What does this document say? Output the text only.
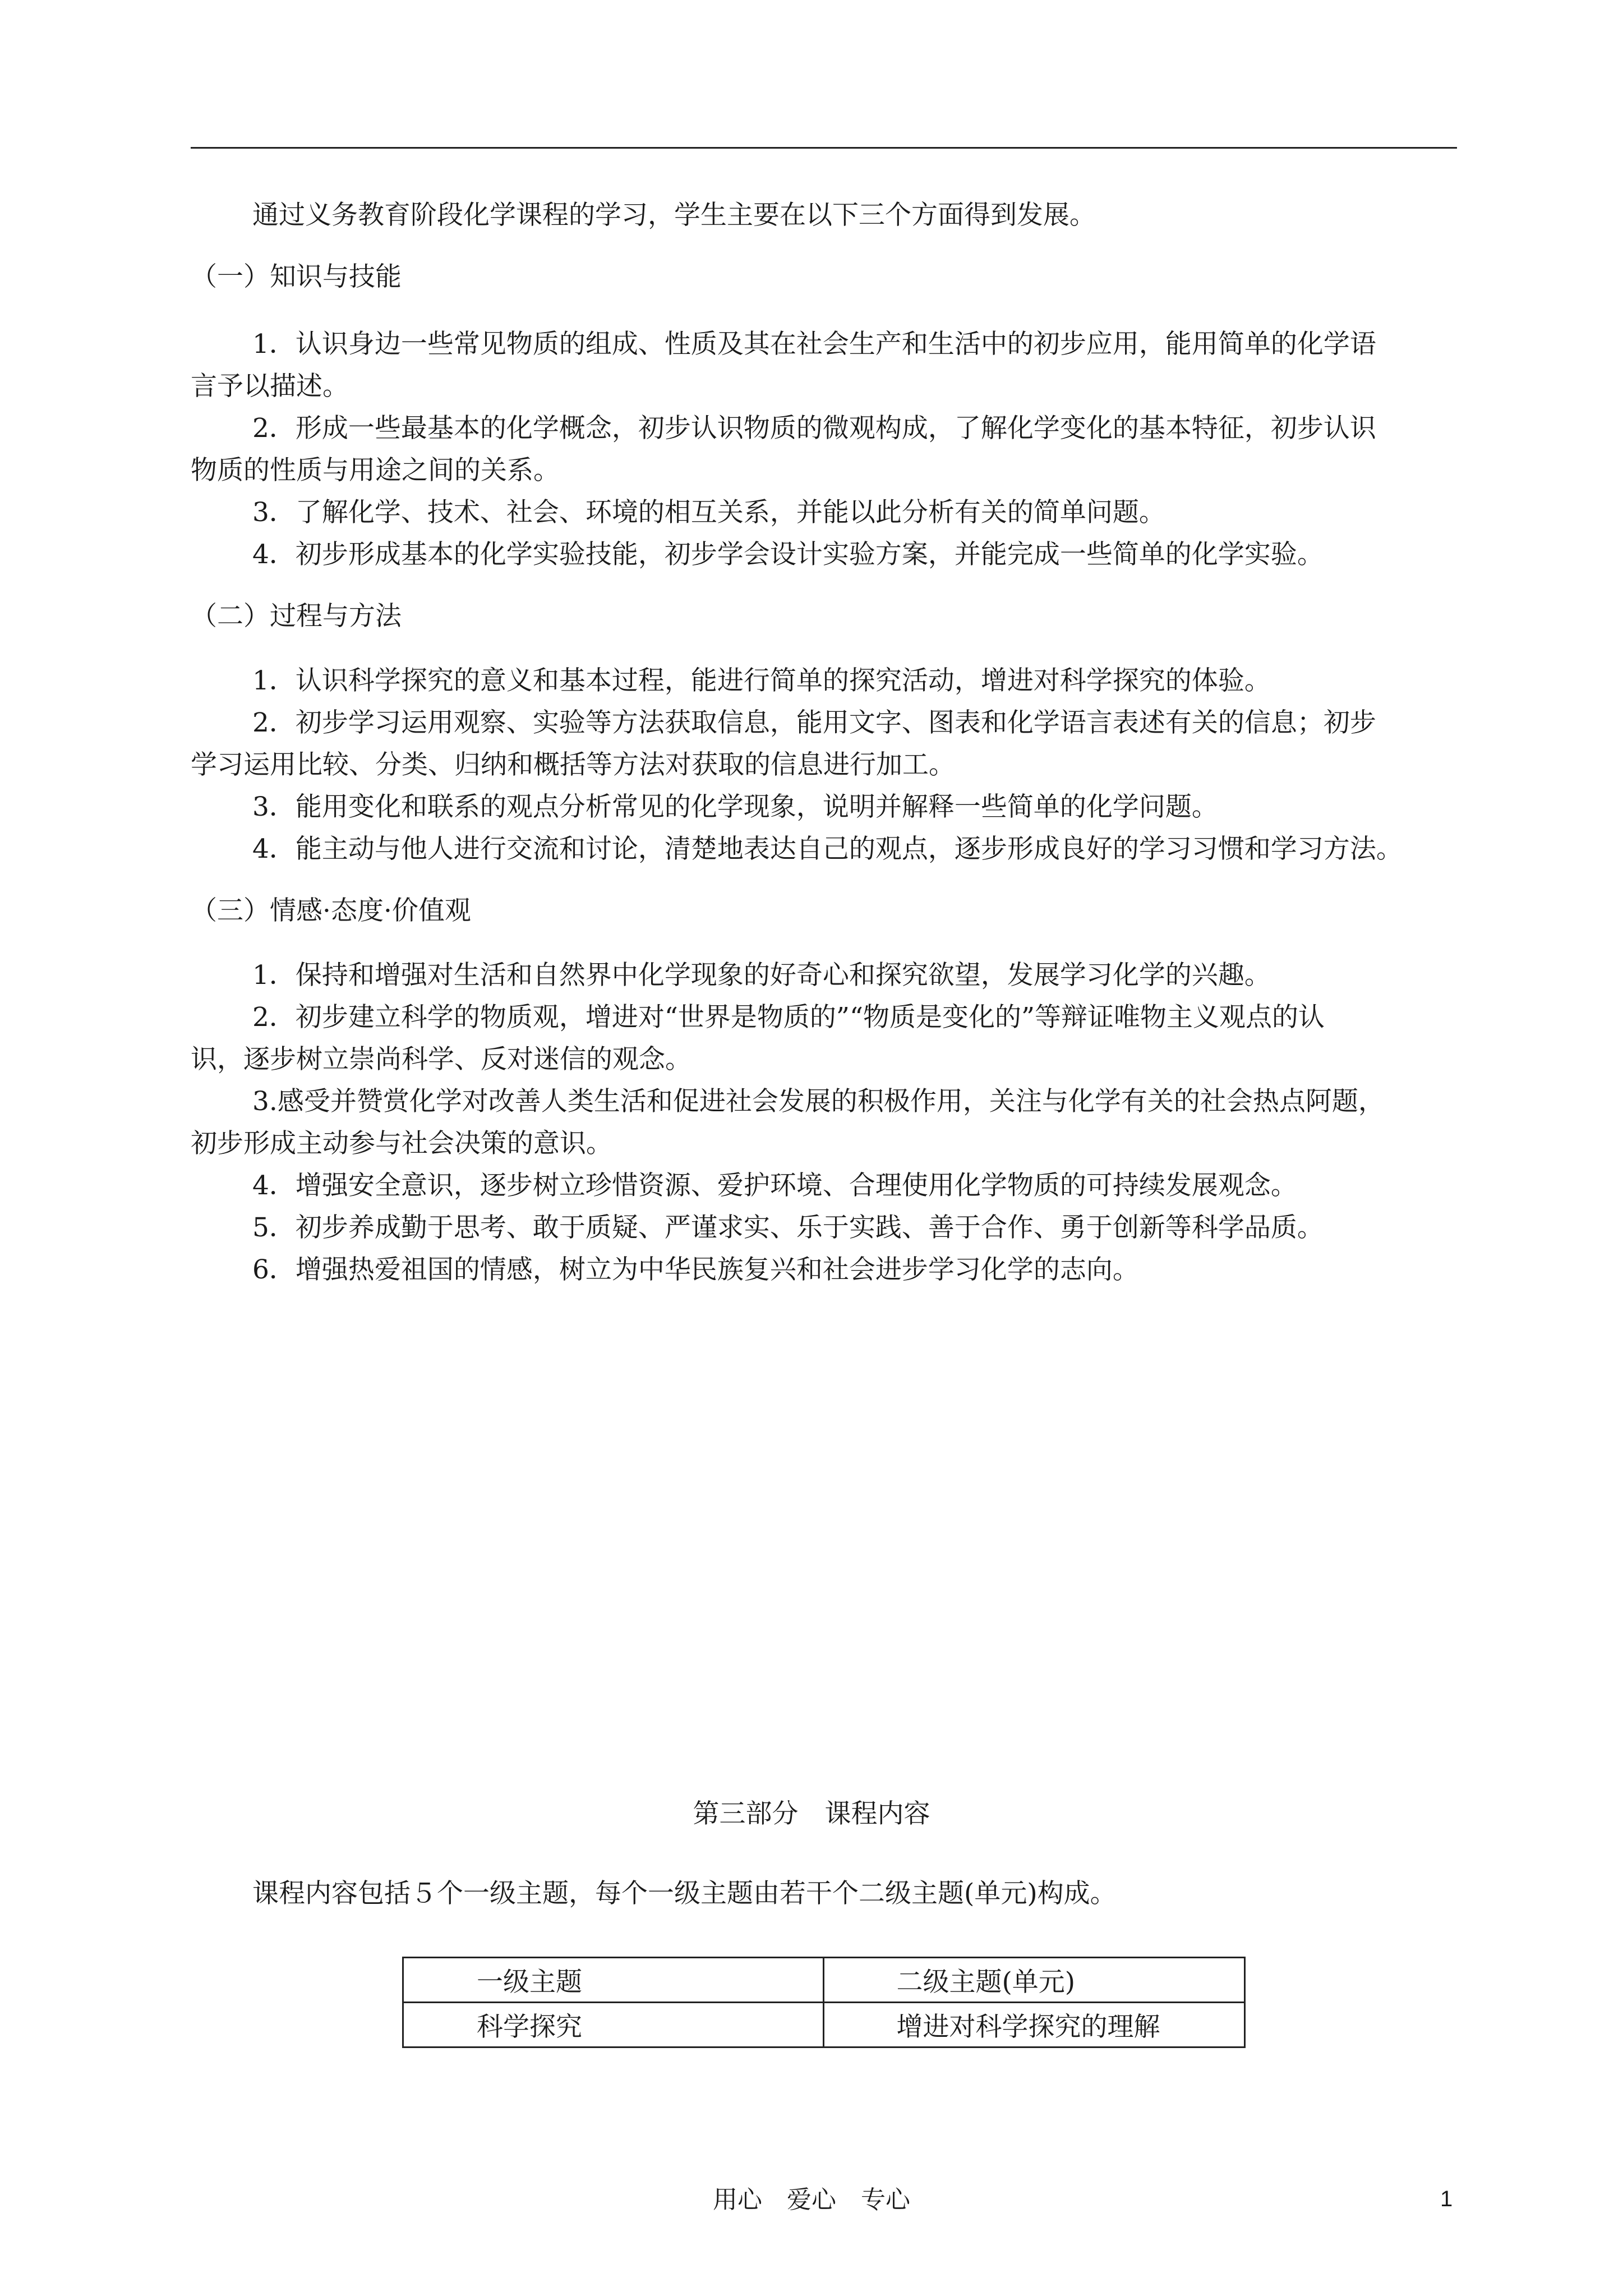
通过义务教育阶段化学课程的学习，学生主要在以下三个方面得到发展。
（一）知识与技能
1．认识身边一些常见物质的组成、性质及其在社会生产和生活中的初步应用，能用简单的化学语
言予以描述。
2．形成一些最基本的化学概念，初步认识物质的微观构成，了解化学变化的基本特征，初步认识
物质的性质与用途之间的关系。
3．了解化学、技术、社会、环境的相互关系，并能以此分析有关的简单问题。
4．初步形成基本的化学实验技能，初步学会设计实验方案，并能完成一些简单的化学实验。
（二）过程与方法
1．认识科学探究的意义和基本过程，能进行简单的探究活动，增进对科学探究的体验。
2．初步学习运用观察、实验等方法获取信息，能用文字、图表和化学语言表述有关的信息；初步
学习运用比较、分类、归纳和概括等方法对获取的信息进行加工。
3．能用变化和联系的观点分析常见的化学现象，说明并解释一些简单的化学问题。
4．能主动与他人进行交流和讨论，清楚地表达自己的观点，逐步形成良好的学习习惯和学习方法。
（三）情感·态度·价值观
1．保持和增强对生活和自然界中化学现象的好奇心和探究欲望，发展学习化学的兴趣。
2．初步建立科学的物质观，增进对“世界是物质的”“物质是变化的”等辩证唯物主义观点的认
识，逐步树立崇尚科学、反对迷信的观念。
3.感受并赞赏化学对改善人类生活和促进社会发展的积极作用，关注与化学有关的社会热点阿题，
初步形成主动参与社会决策的意识。
4．增强安全意识，逐步树立珍惜资源、爱护环境、合理使用化学物质的可持续发展观念。
5．初步养成勤于思考、敢于质疑、严谨求实、乐于实践、善于合作、勇于创新等科学品质。
6．增强热爱祖国的情感，树立为中华民族复兴和社会进步学习化学的志向。
第三部分　课程内容
课程内容包括５个一级主题，每个一级主题由若干个二级主题(单元)构成。
一级主题	二级主题(单元)
科学探究	增进对科学探究的理解
用心　爱心　专心	1
